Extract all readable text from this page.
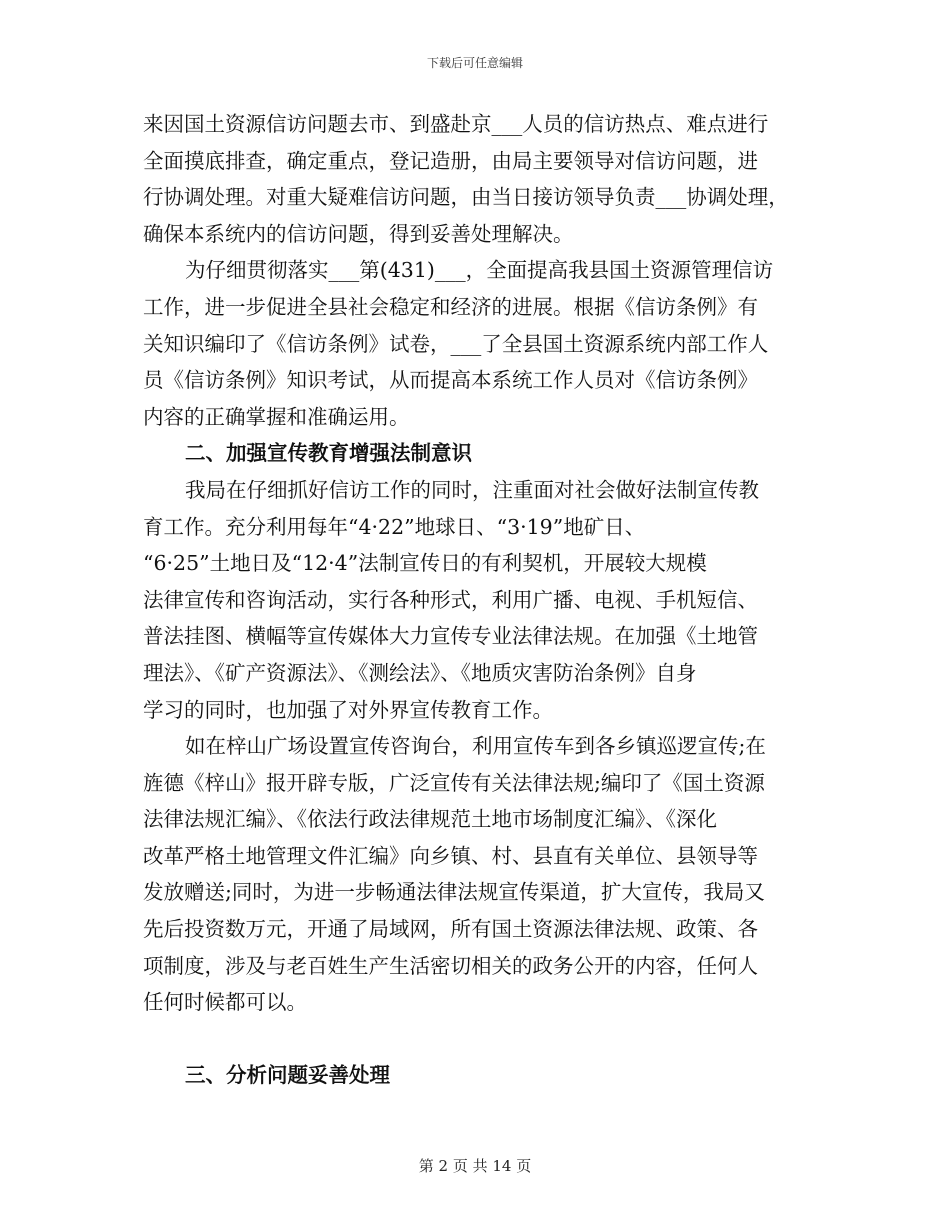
下载后可任意编辑
来因国土资源信访问题去市、到盛赴京___人员的信访热点、难点进行
全面摸底排查，确定重点，登记造册，由局主要领导对信访问题，进
行协调处理。对重大疑难信访问题，由当日接访领导负责___协调处理，
确保本系统内的信访问题，得到妥善处理解决。
为仔细贯彻落实___第(431)___，全面提高我县国土资源管理信访
工作，进一步促进全县社会稳定和经济的进展。根据《信访条例》有
关知识编印了《信访条例》试卷，___了全县国土资源系统内部工作人
员《信访条例》知识考试，从而提高本系统工作人员对《信访条例》
内容的正确掌握和准确运用。
二、加强宣传教育增强法制意识
我局在仔细抓好信访工作的同时，注重面对社会做好法制宣传教
育工作。充分利用每年“4·22”地球日、“3·19”地矿日、
“6·25”土地日及“12·4”法制宣传日的有利契机，开展较大规模
法律宣传和咨询活动，实行各种形式，利用广播、电视、手机短信、
普法挂图、横幅等宣传媒体大力宣传专业法律法规。在加强《土地管
理法》、《矿产资源法》、《测绘法》、《地质灾害防治条例》自身
学习的同时，也加强了对外界宣传教育工作。
如在梓山广场设置宣传咨询台，利用宣传车到各乡镇巡逻宣传;在
旌德《梓山》报开辟专版，广泛宣传有关法律法规;编印了《国土资源
法律法规汇编》、《依法行政法律规范土地市场制度汇编》、《深化
改革严格土地管理文件汇编》向乡镇、村、县直有关单位、县领导等
发放赠送;同时，为进一步畅通法律法规宣传渠道，扩大宣传，我局又
先后投资数万元，开通了局域网，所有国土资源法律法规、政策、各
项制度，涉及与老百姓生产生活密切相关的政务公开的内容，任何人
任何时候都可以。
三、分析问题妥善处理
第 2 页 共 14 页
